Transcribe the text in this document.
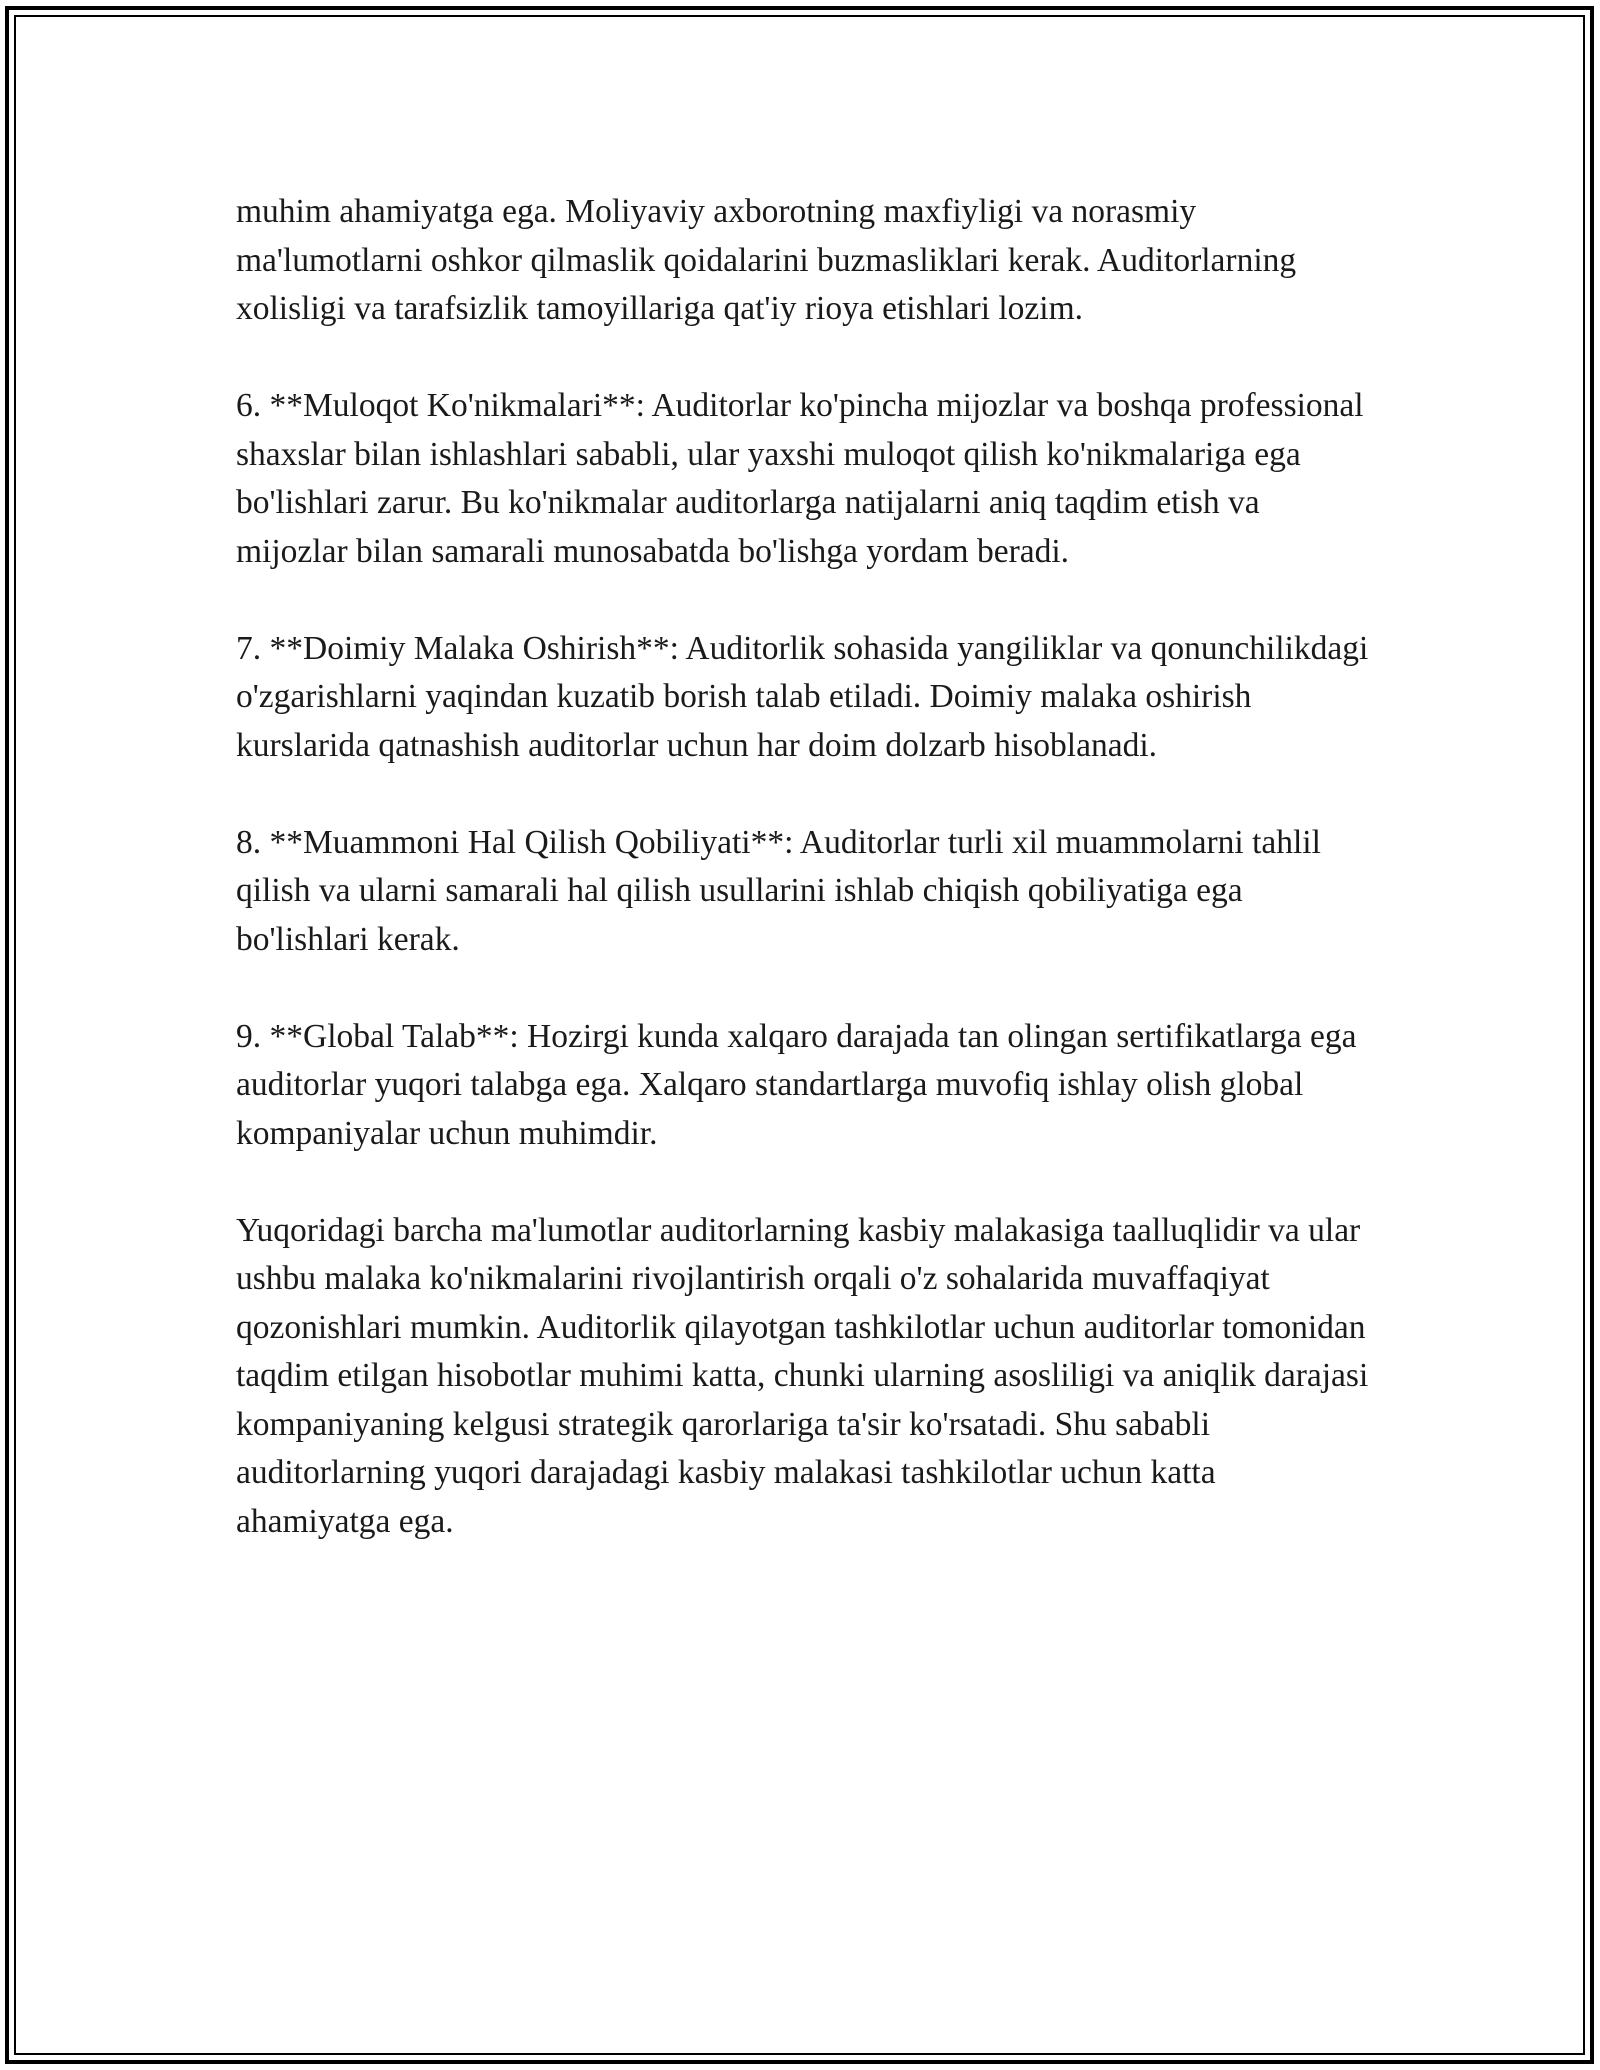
muhim ahamiyatga ega. Moliyaviy axborotning maxfiyligi va norasmiy ma'lumotlarni oshkor qilmaslik qoidalarini buzmasliklari kerak. Auditorlarning xolisligi va tarafsizlik tamoyillariga qat'iy rioya etishlari lozim.

6. **Muloqot Ko'nikmalari**: Auditorlar ko'pincha mijozlar va boshqa professional shaxslar bilan ishlashlari sababli, ular yaxshi muloqot qilish ko'nikmalariga ega bo'lishlari zarur. Bu ko'nikmalar auditorlarga natijalarni aniq taqdim etish va mijozlar bilan samarali munosabatda bo'lishga yordam beradi.

7. **Doimiy Malaka Oshirish**: Auditorlik sohasida yangiliklar va qonunchilikdagi o'zgarishlarni yaqindan kuzatib borish talab etiladi. Doimiy malaka oshirish kurslarida qatnashish auditorlar uchun har doim dolzarb hisoblanadi.

8. **Muammoni Hal Qilish Qobiliyati**: Auditorlar turli xil muammolarni tahlil qilish va ularni samarali hal qilish usullarini ishlab chiqish qobiliyatiga ega bo'lishlari kerak.

9. **Global Talab**: Hozirgi kunda xalqaro darajada tan olingan sertifikatlarga ega auditorlar yuqori talabga ega. Xalqaro standartlarga muvofiq ishlay olish global kompaniyalar uchun muhimdir.

Yuqoridagi barcha ma'lumotlar auditorlarning kasbiy malakasiga taalluqlidir va ular ushbu malaka ko'nikmalarini rivojlantirish orqali o'z sohalarida muvaffaqiyat qozonishlari mumkin. Auditorlik qilayotgan tashkilotlar uchun auditorlar tomonidan taqdim etilgan hisobotlar muhimi katta, chunki ularning asosliligi va aniqlik darajasi kompaniyaning kelgusi strategik qarorlariga ta'sir ko'rsatadi. Shu sababli auditorlarning yuqori darajadagi kasbiy malakasi tashkilotlar uchun katta ahamiyatga ega.
